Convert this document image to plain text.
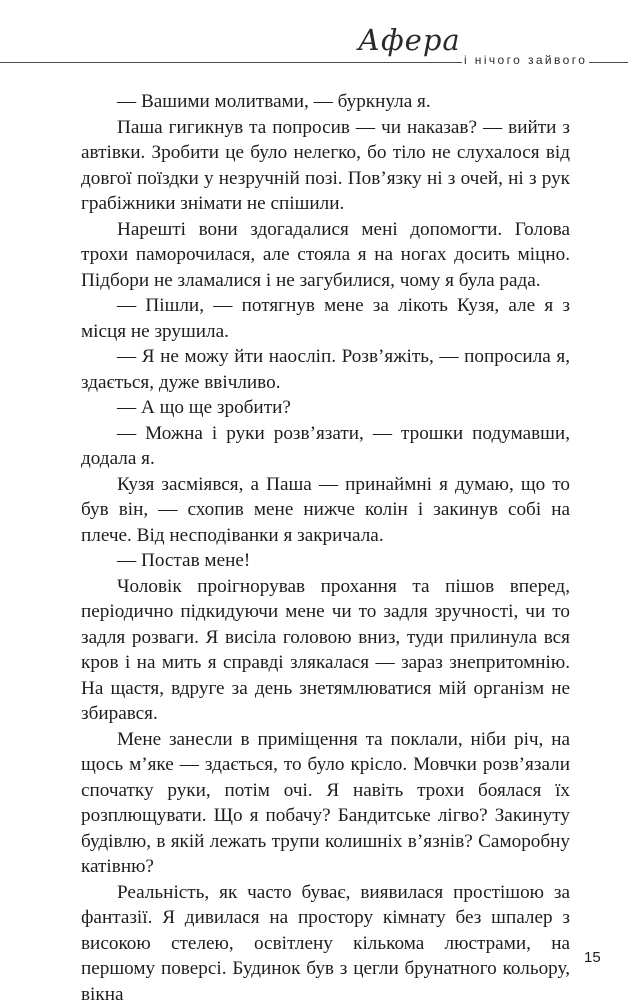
Афера
і нічого зайвого

— Вашими молитвами, — буркнула я.

Паша гигикнув та попросив — чи наказав? — вийти з автівки. Зробити це було нелегко, бо тіло не слухалося від довгої поїздки у незручній позі. Пов’язку ні з очей, ні з рук грабіжники знімати не спішили.

Нарешті вони здогадалися мені допомогти. Голова трохи паморочилася, але стояла я на ногах досить міцно. Підбори не зламалися і не загубилися, чому я була рада.

— Пішли, — потягнув мене за лікоть Кузя, але я з місця не зрушила.

— Я не можу йти наосліп. Розв’яжіть, — попросила я, здається, дуже ввічливо.

— А що ще зробити?

— Можна і руки розв’язати, — трошки подумавши, додала я.

Кузя засміявся, а Паша — принаймні я думаю, що то був він, — схопив мене нижче колін і закинув собі на плече. Від несподіванки я закричала.

— Постав мене!

Чоловік проігнорував прохання та пішов вперед, періодично підкидуючи мене чи то задля зручності, чи то задля розваги. Я висіла головою вниз, туди прилинула вся кров і на мить я справді злякалася — зараз знепритомнію. На щастя, вдруге за день знетямлюватися мій організм не збирався.

Мене занесли в приміщення та поклали, ніби річ, на щось м’яке — здається, то було крісло. Мовчки розв’язали спочатку руки, потім очі. Я навіть трохи боялася їх розплющувати. Що я побачу? Бандитське лігво? Закинуту будівлю, в якій лежать трупи колишніх в’язнів? Саморобну катівню?

Реальність, як часто буває, виявилася простішою за фантазії. Я дивилася на простору кімнату без шпалер з високою стелею, освітлену кількома люстрами, на першому поверсі. Будинок був з цегли брунатного кольору, вікна

15
